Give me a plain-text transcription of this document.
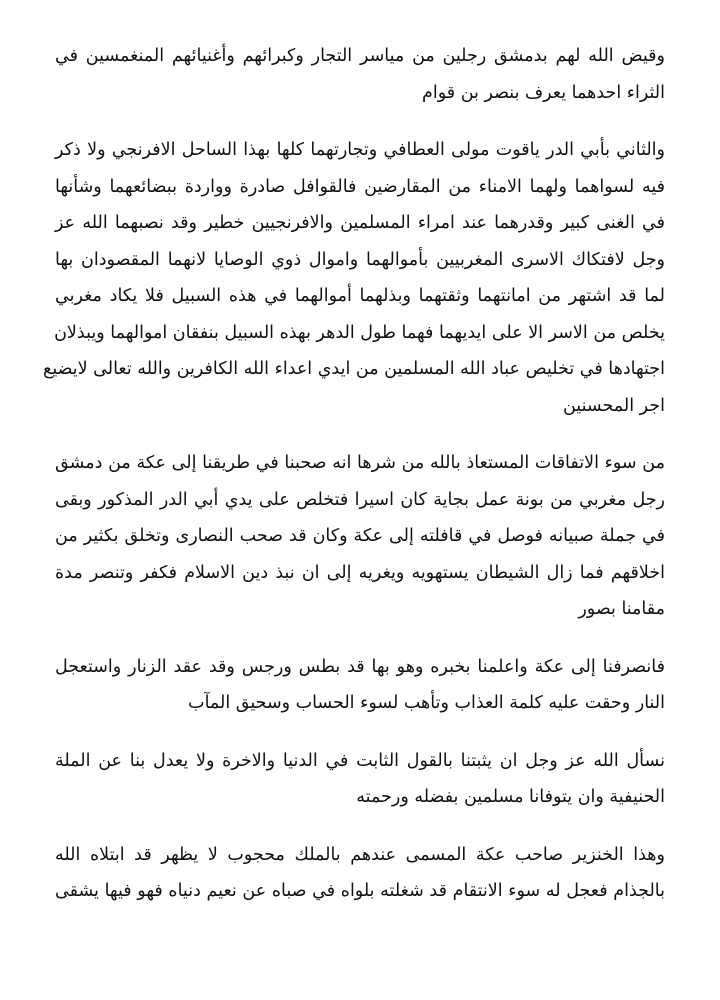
وقيض الله لهم بدمشق رجلين من مياسر التجار وكبرائهم وأغنيائهم المنغمسين في
الثراء احدهما يعرف بنصر بن قوام

والثاني بأبي الدر ياقوت مولى العطافي وتجارتهما كلها بهذا الساحل الافرنجي ولا ذكر
فيه لسواهما ولهما الامناء من المقارضين فالقوافل صادرة وواردة ببضائعهما وشأنها
في الغنى كبير وقدرهما عند امراء المسلمين والافرنجيين خطير وقد نصبهما الله عز
وجل لافتكاك الاسرى المغربيين بأموالهما واموال ذوي الوصايا لانهما المقصودان بها
لما قد اشتهر من امانتهما وثقتهما وبذلهما أموالهما في هذه السبيل فلا يكاد مغربي
يخلص من الاسر الا على ايديهما فهما طول الدهر بهذه السبيل بنفقان اموالهما ويبذلان
اجتهادها في تخليص عباد الله المسلمين من ايدي اعداء الله الكافرين والله تعالى لايضيع
اجر المحسنين

من سوء الاتفاقات المستعاذ بالله من شرها انه صحبنا في طريقنا إلى عكة من دمشق
رجل مغربي من بونة عمل بجاية كان اسيرا فتخلص على يدي أبي الدر المذكور وبقى
في جملة صبيانه فوصل في قافلته إلى عكة وكان قد صحب النصارى وتخلق بكثير من
اخلاقهم فما زال الشيطان يستهويه ويغريه إلى ان نبذ دين الاسلام فكفر وتنصر مدة
مقامنا بصور

فانصرفنا إلى عكة واعلمنا بخبره وهو بها قد بطس ورجس وقد عقد الزنار واستعجل
النار وحقت عليه كلمة العذاب وتأهب لسوء الحساب وسحيق المآب

نسأل الله عز وجل ان يثبتنا بالقول الثابت في الدنيا والاخرة ولا يعدل بنا عن الملة
الحنيفية وان يتوفانا مسلمين بفضله ورحمته

وهذا الخنزير صاحب عكة المسمى عندهم بالملك محجوب لا يظهر قد ابتلاه الله
بالجذام فعجل له سوء الانتقام قد شغلته بلواه في صباه عن نعيم دنياه فهو فيها يشقى
